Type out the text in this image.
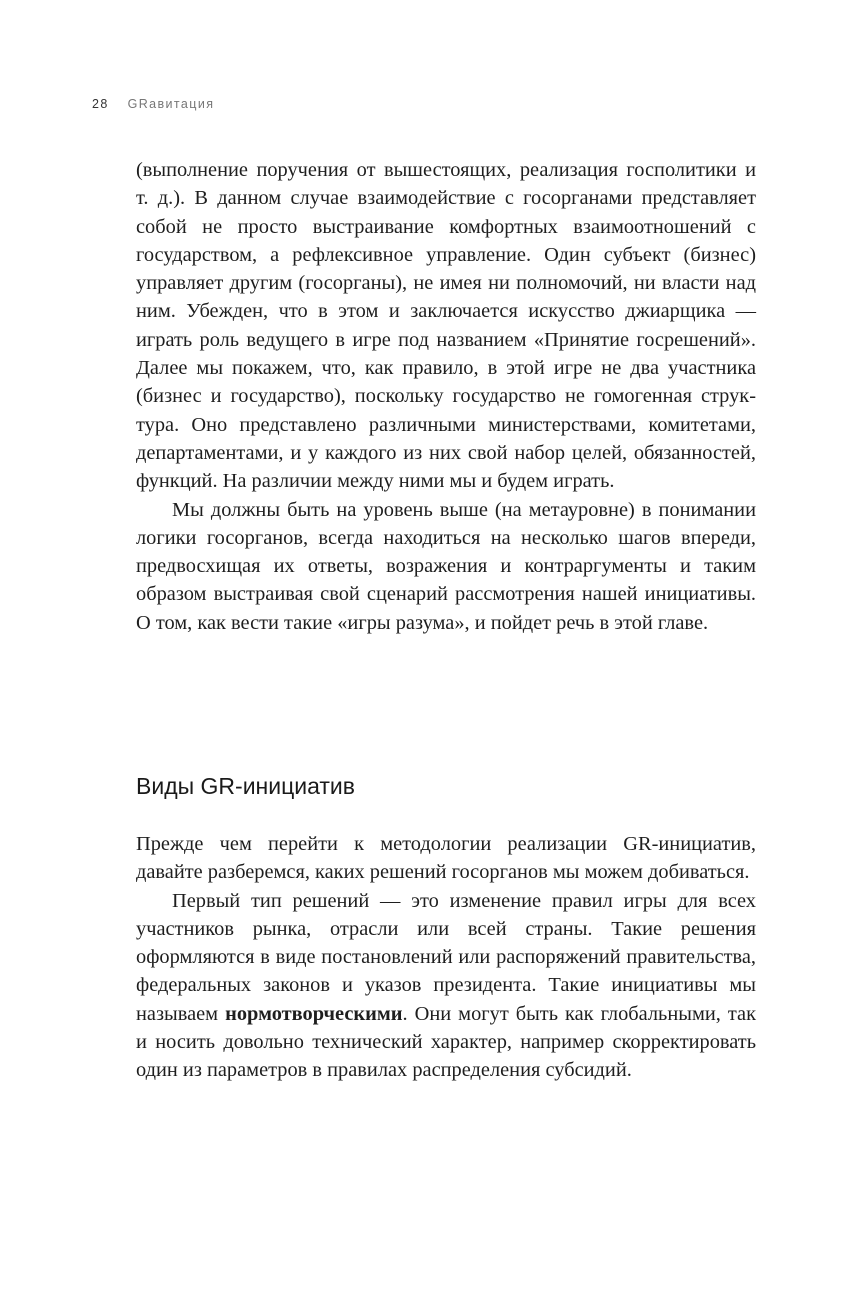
28 GRавитация

(выполнение поручения от вышестоящих, реализация госполитики и т. д.). В данном случае взаимодействие с госорганами представляет собой не просто выстраивание комфортных взаимоотношений с государством, а рефлексивное управление. Один субъект (бизнес) управляет другим (госорганы), не имея ни полномочий, ни власти над ним. Убежден, что в этом и заключается искусство джиарщика — играть роль ведущего в игре под названием «Принятие госрешений». Далее мы покажем, что, как правило, в этой игре не два участника (бизнес и государство), поскольку государство не гомогенная структура. Оно представлено различными министерствами, комитетами, департаментами, и у каждого из них свой набор целей, обязанностей, функций. На различии между ними мы и будем играть.

Мы должны быть на уровень выше (на метауровне) в понимании логики госорганов, всегда находиться на несколько шагов впереди, предвосхищая их ответы, возражения и контраргументы и таким образом выстраивая свой сценарий рассмотрения нашей инициативы. О том, как вести такие «игры разума», и пойдет речь в этой главе.

Виды GR-инициатив

Прежде чем перейти к методологии реализации GR-инициатив, давайте разберемся, каких решений госорганов мы можем добиваться.

Первый тип решений — это изменение правил игры для всех участников рынка, отрасли или всей страны. Такие решения оформляются в виде постановлений или распоряжений правительства, федеральных законов и указов президента. Такие инициативы мы называем нормотворческими. Они могут быть как глобальными, так и носить довольно технический характер, например скорректировать один из параметров в правилах распределения субсидий.
